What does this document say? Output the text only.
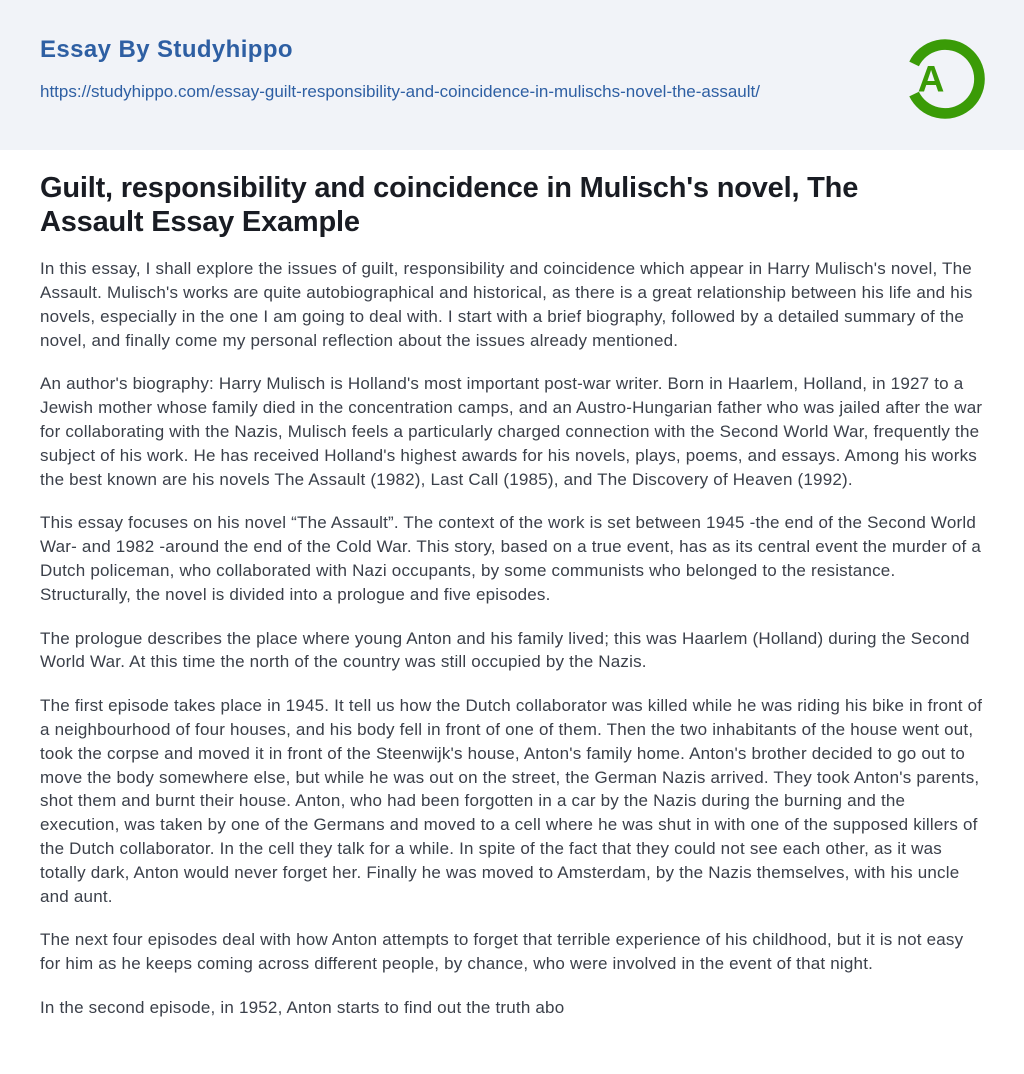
Essay By Studyhippo
https://studyhippo.com/essay-guilt-responsibility-and-coincidence-in-mulischs-novel-the-assault/	A
Guilt, responsibility and coincidence in Mulisch's novel, The Assault Essay Example

In this essay, I shall explore the issues of guilt, responsibility and coincidence which appear in Harry Mulisch's novel, The Assault. Mulisch's works are quite autobiographical and historical, as there is a great relationship between his life and his novels, especially in the one I am going to deal with. I start with a brief biography, followed by a detailed summary of the novel, and finally come my personal reflection about the issues already mentioned.

An author's biography: Harry Mulisch is Holland's most important post-war writer. Born in Haarlem, Holland, in 1927 to a Jewish mother whose family died in the concentration camps, and an Austro-Hungarian father who was jailed after the war for collaborating with the Nazis, Mulisch feels a particularly charged connection with the Second World War, frequently the subject of his work. He has received Holland's highest awards for his novels, plays, poems, and essays. Among his works the best known are his novels The Assault (1982), Last Call (1985), and The Discovery of Heaven (1992).

This essay focuses on his novel “The Assault”. The context of the work is set between 1945 -the end of the Second World War- and 1982 -around the end of the Cold War. This story, based on a true event, has as its central event the murder of a Dutch policeman, who collaborated with Nazi occupants, by some communists who belonged to the resistance. Structurally, the novel is divided into a prologue and five episodes.

The prologue describes the place where young Anton and his family lived; this was Haarlem (Holland) during the Second World War. At this time the north of the country was still occupied by the Nazis.

The first episode takes place in 1945. It tell us how the Dutch collaborator was killed while he was riding his bike in front of a neighbourhood of four houses, and his body fell in front of one of them. Then the two inhabitants of the house went out, took the corpse and moved it in front of the Steenwijk's house, Anton's family home. Anton's brother decided to go out to move the body somewhere else, but while he was out on the street, the German Nazis arrived. They took Anton's parents, shot them and burnt their house. Anton, who had been forgotten in a car by the Nazis during the burning and the execution, was taken by one of the Germans and moved to a cell where he was shut in with one of the supposed killers of the Dutch collaborator. In the cell they talk for a while. In spite of the fact that they could not see each other, as it was totally dark, Anton would never forget her. Finally he was moved to Amsterdam, by the Nazis themselves, with his uncle and aunt.

The next four episodes deal with how Anton attempts to forget that terrible experience of his childhood, but it is not easy for him as he keeps coming across different people, by chance, who were involved in the event of that night.

In the second episode, in 1952, Anton starts to find out the truth abo
